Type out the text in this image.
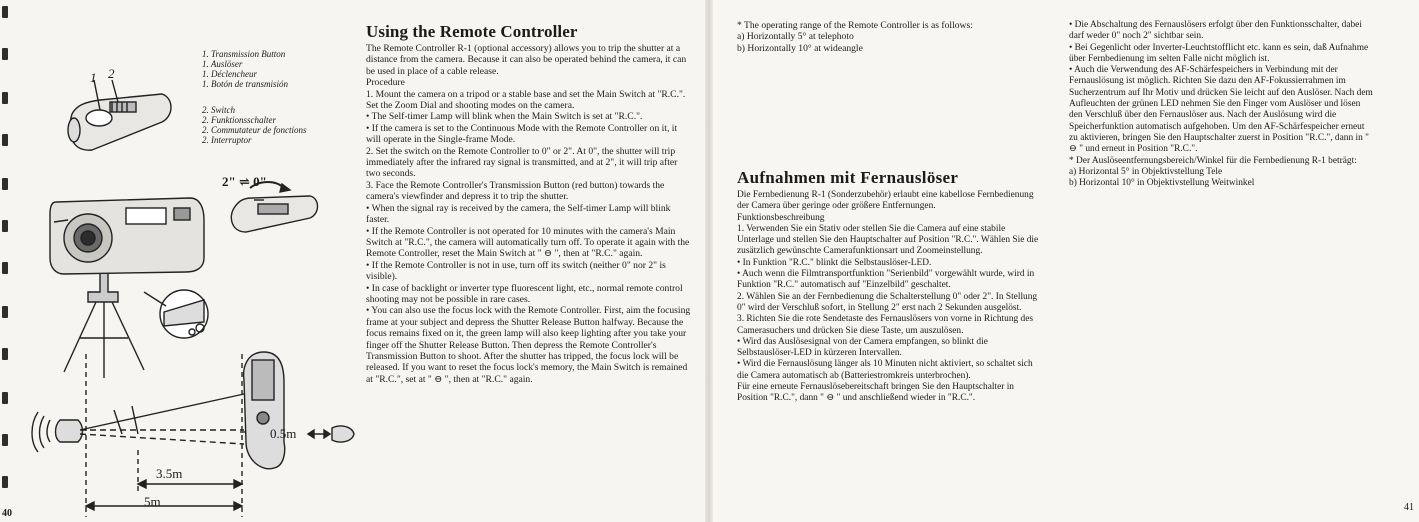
40
41
1. Transmission Button
1. Auslöser
1. Déclencheur
1. Botón de transmisión
2. Switch
2. Funktionsschalter
2. Commutateur de fonctions
2. Interruptor
1 2
2" ⇌ 0"
0.5m
3.5m
5m
Using the Remote Controller

The Remote Controller R-1 (optional accessory) allows you to trip the shutter at a distance from the camera. Because it can also be operated behind the camera, it can be used in place of a cable release.

Procedure

1. Mount the camera on a tripod or a stable base and set the Main Switch at "R.C.". Set the Zoom Dial and shooting modes on the camera.

• The Self-timer Lamp will blink when the Main Switch is set at "R.C.".

• If the camera is set to the Continuous Mode with the Remote Controller on it, it will operate in the Single-frame Mode.

2. Set the switch on the Remote Controller to 0" or 2". At 0", the shutter will trip immediately after the infrared ray signal is transmitted, and at 2", it will trip after two seconds.

3. Face the Remote Controller's Transmission Button (red button) towards the camera's viewfinder and depress it to trip the shutter.

• When the signal ray is received by the camera, the Self-timer Lamp will blink faster.

• If the Remote Controller is not operated for 10 minutes with the camera's Main Switch at "R.C.", the camera will automatically turn off. To operate it again with the Remote Controller, reset the Main Switch at " ⊖ ", then at "R.C." again.

• If the Remote Controller is not in use, turn off its switch (neither 0" nor 2" is visible).

• In case of backlight or inverter type fluorescent light, etc., normal remote control shooting may not be possible in rare cases.

• You can also use the focus lock with the Remote Controller. First, aim the focusing frame at your subject and depress the Shutter Release Button halfway. Because the focus remains fixed on it, the green lamp will also keep lighting after you take your finger off the Shutter Release Button. Then depress the Remote Controller's Transmission Button to shoot. After the shutter has tripped, the focus lock will be released. If you want to reset the focus lock's memory, the Main Switch is remained at "R.C.", set at " ⊖ ", then at "R.C." again.

* The operating range of the Remote Controller is as follows:
a) Horizontally 5° at telephoto
b) Horizontally 10° at wideangle
Aufnahmen mit Fernauslöser

Die Fernbedienung R-1 (Sonderzubehör) erlaubt eine kabellose Fernbedienung der Camera über geringe oder größere Entfernungen.

Funktionsbeschreibung

1. Verwenden Sie ein Stativ oder stellen Sie die Camera auf eine stabile Unterlage und stellen Sie den Hauptschalter auf Position "R.C.". Wählen Sie die zusätzlich gewünschte Camerafunktionsart und Zoomeinstellung.

• In Funktion "R.C." blinkt die Selbstauslöser-LED.

• Auch wenn die Filmtransportfunktion "Serienbild" vorgewählt wurde, wird in Funktion "R.C." automatisch auf "Einzelbild" geschaltet.

2. Wählen Sie an der Fernbedienung die Schalterstellung 0" oder 2". In Stellung 0" wird der Verschluß sofort, in Stellung 2" erst nach 2 Sekunden ausgelöst.

3. Richten Sie die rote Sendetaste des Fernauslösers von vorne in Richtung des Camerasuchers und drücken Sie diese Taste, um auszulösen.

• Wird das Auslösesignal von der Camera empfangen, so blinkt die Selbstauslöser-LED in kürzeren Intervallen.

• Wird die Fernauslösung länger als 10 Minuten nicht aktiviert, so schaltet sich die Camera automatisch ab (Batteriestromkreis unterbrochen).

Für eine erneute Fernauslösebereitschaft bringen Sie den Hauptschalter in Position "R.C.", dann " ⊖ " und anschließend wieder in "R.C.".

• Die Abschaltung des Fernauslösers erfolgt über den Funktionsschalter, dabei darf weder 0" noch 2" sichtbar sein.

• Bei Gegenlicht oder Inverter-Leuchtstofflicht etc. kann es sein, daß Aufnahme über Fernbedienung im selten Falle nicht möglich ist.

• Auch die Verwendung des AF-Schärfespeichers in Verbindung mit der Fernauslösung ist möglich. Richten Sie dazu den AF-Fokussierrahmen im Sucherzentrum auf Ihr Motiv und drücken Sie leicht auf den Auslöser. Nach dem Aufleuchten der grünen LED nehmen Sie den Finger vom Auslöser und lösen den Verschluß über den Fernauslöser aus. Nach der Auslösung wird die Speicherfunktion automatisch aufgehoben. Um den AF-Schärfespeicher erneut zu aktivieren, bringen Sie den Hauptschalter zuerst in Position "R.C.", dann in " ⊖ " und erneut in Position "R.C.".

* Der Auslöseentfernungsbereich/Winkel für die Fernbedienung R-1 beträgt:

a) Horizontal 5° in Objektivstellung Tele

b) Horizontal 10° in Objektivstellung Weitwinkel
